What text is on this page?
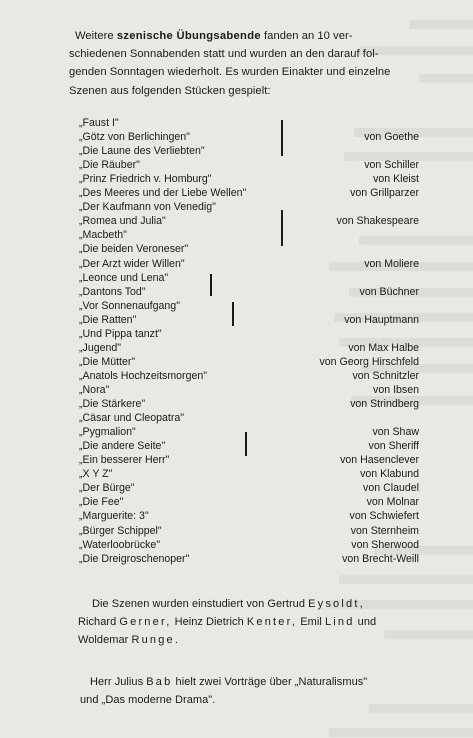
Weitere szenische Übungsabende fanden an 10 ver-
schiedenen Sonnabenden statt und wurden an den darauf fol-
genden Sonntagen wiederholt. Es wurden Einakter und einzelne
Szenen aus folgenden Stücken gespielt:
„Faust I"
„Götz von Berlichingen"	von Goethe
„Die Laune des Verliebten"
„Die Räuber"	von Schiller
„Prinz Friedrich v. Homburg"	von Kleist
„Des Meeres und der Liebe Wellen"	von Grillparzer
„Der Kaufmann von Venedig"
„Romea und Julia"	von Shakespeare
„Macbeth"
„Die beiden Veroneser"
„Der Arzt wider Willen"	von Moliere
„Leonce und Lena"
„Dantons Tod"	von Büchner
„Vor Sonnenaufgang"
„Die Ratten"	von Hauptmann
„Und Pippa tanzt"
„Jugend"	von Max Halbe
„Die Mütter"	von Georg Hirschfeld
„Anatols Hochzeitsmorgen"	von Schnitzler
„Nora"	von Ibsen
„Die Stärkere"	von Strindberg
„Cäsar und Cleopatra"
„Pygmalion"	von Shaw
„Die andere Seite"	von Sheriff
„Ein besserer Herr"	von Hasenclever
„X Y Z"	von Klabund
„Der Bürge"	von Claudel
„Die Fee"	von Molnar
„Marguerite: 3"	von Schwiefert
„Bürger Schippel"	von Sternheim
„Waterloobrücke"	von Sherwood
„Die Dreigroschenoper"	von Brecht-Weill
Die Szenen wurden einstudiert von Gertrud Eysoldt,
Richard Gerner, Heinz Dietrich Kenter, Emil Lind und
Woldemar Runge.
Herr Julius Bab hielt zwei Vorträge über „Naturalismus"
und „Das moderne Drama".
